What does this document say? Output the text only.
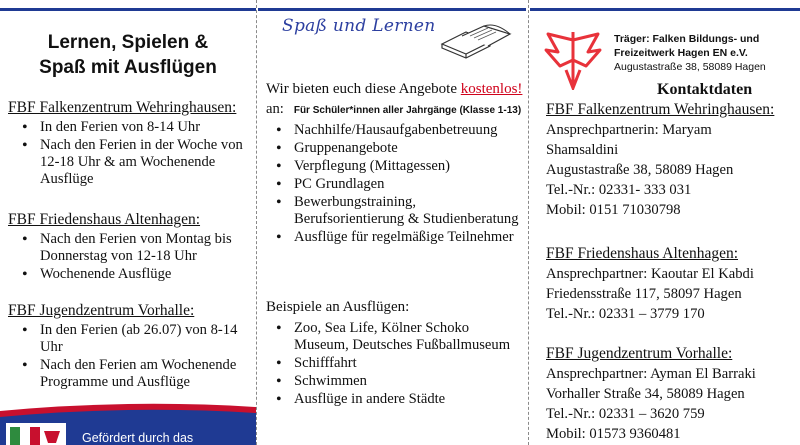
Lernen, Spielen &
Spaß mit Ausflügen
FBF Falkenzentrum Wehringhausen:
• In den Ferien von 8-14 Uhr
• Nach den Ferien in der Woche von 12-18 Uhr & am Wochenende Ausflüge
FBF Friedenshaus Altenhagen:
• Nach den Ferien von Montag bis Donnerstag von 12-18 Uhr
• Wochenende Ausflüge
FBF Jugendzentrum Vorhalle:
• In den Ferien (ab 26.07) von 8-14 Uhr
• Nach den Ferien am Wochenende Programme und Ausflüge
Gefördert durch das
Spaß und Lernen
Wir bieten euch diese Angebote kostenlos!
an: Für Schüler*innen aller Jahrgänge (Klasse 1-13)
• Nachhilfe/Hausaufgabenbetreuung
• Gruppenangebote
• Verpflegung (Mittagessen)
• PC Grundlagen
• Bewerbungstraining, Berufsorientierung & Studienberatung
• Ausflüge für regelmäßige Teilnehmer
Beispiele an Ausflügen:
• Zoo, Sea Life, Kölner Schoko Museum, Deutsches Fußballmuseum
• Schifffahrt
• Schwimmen
• Ausflüge in andere Städte
Träger: Falken Bildungs- und
Freizeitwerk Hagen EN e.V.
Augustastraße 38, 58089 Hagen
Kontaktdaten
FBF Falkenzentrum Wehringhausen:
Ansprechpartnerin: Maryam
Shamsaldini
Augustastraße 38, 58089 Hagen
Tel.-Nr.: 02331- 333 031
Mobil: 0151 71030798
FBF Friedenshaus Altenhagen:
Ansprechpartner: Kaoutar El Kabdi
Friedensstraße 117, 58097 Hagen
Tel.-Nr.: 02331 – 3779 170
FBF Jugendzentrum Vorhalle:
Ansprechpartner: Ayman El Barraki
Vorhaller Straße 34, 58089 Hagen
Tel.-Nr.: 02331 – 3620 759
Mobil: 01573 9360481
